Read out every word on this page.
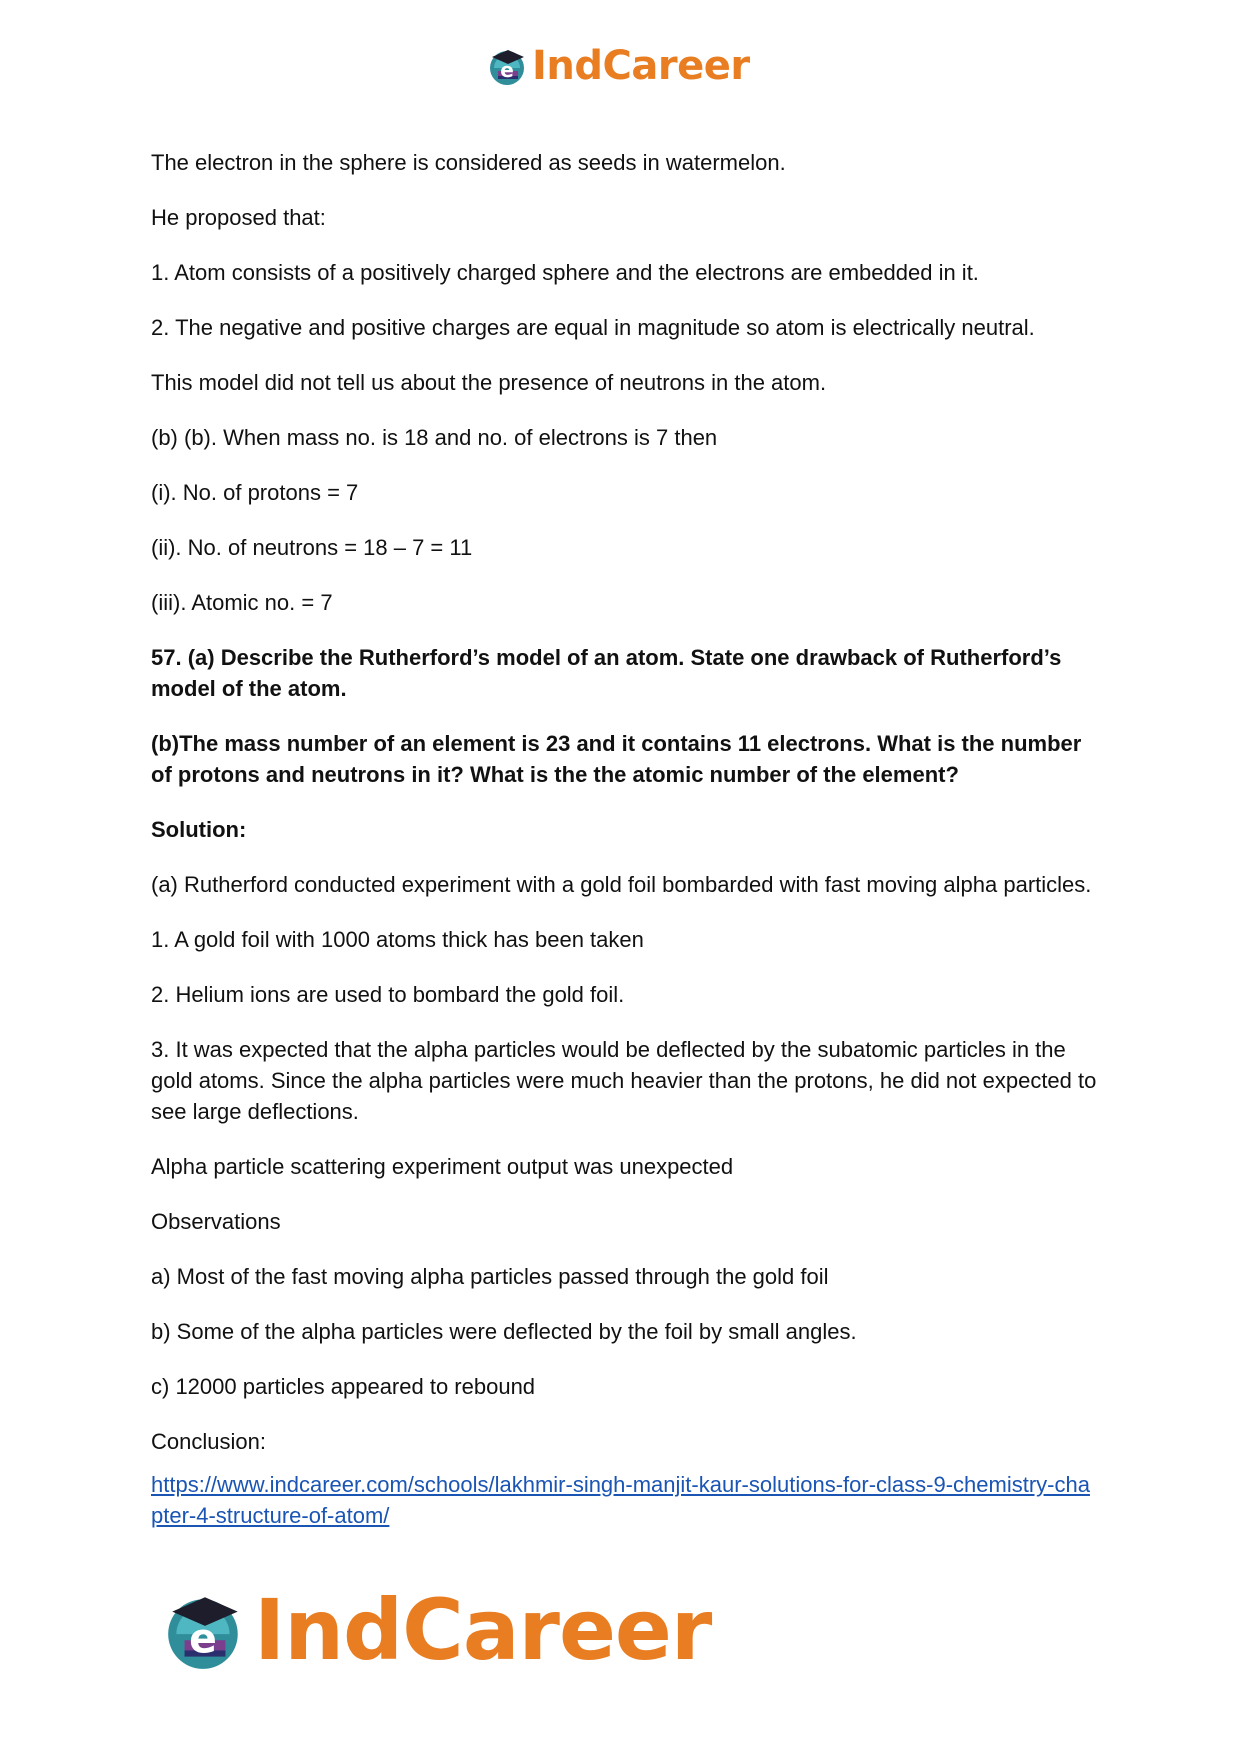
e IndCareer

The electron in the sphere is considered as seeds in watermelon.

He proposed that:

1. Atom consists of a positively charged sphere and the electrons are embedded in it.

2. The negative and positive charges are equal in magnitude so atom is electrically neutral.

This model did not tell us about the presence of neutrons in the atom.

(b) (b). When mass no. is 18 and no. of electrons is 7 then

(i). No. of protons = 7

(ii). No. of neutrons = 18 – 7 = 11

(iii). Atomic no. = 7

57. (a) Describe the Rutherford’s model of an atom. State one drawback of Rutherford’s model of the atom.

(b)The mass number of an element is 23 and it contains 11 electrons. What is the number of protons and neutrons in it? What is the the atomic number of the element?

Solution:

(a) Rutherford conducted experiment with a gold foil bombarded with fast moving alpha particles.

1. A gold foil with 1000 atoms thick has been taken

2. Helium ions are used to bombard the gold foil.

3. It was expected that the alpha particles would be deflected by the subatomic particles in the gold atoms. Since the alpha particles were much heavier than the protons, he did not expected to see large deflections.

Alpha particle scattering experiment output was unexpected

Observations

a) Most of the fast moving alpha particles passed through the gold foil

b) Some of the alpha particles were deflected by the foil by small angles.

c) 12000 particles appeared to rebound

Conclusion:

https://www.indcareer.com/schools/lakhmir-singh-manjit-kaur-solutions-for-class-9-chemistry-chapter-4-structure-of-atom/

e IndCareer
